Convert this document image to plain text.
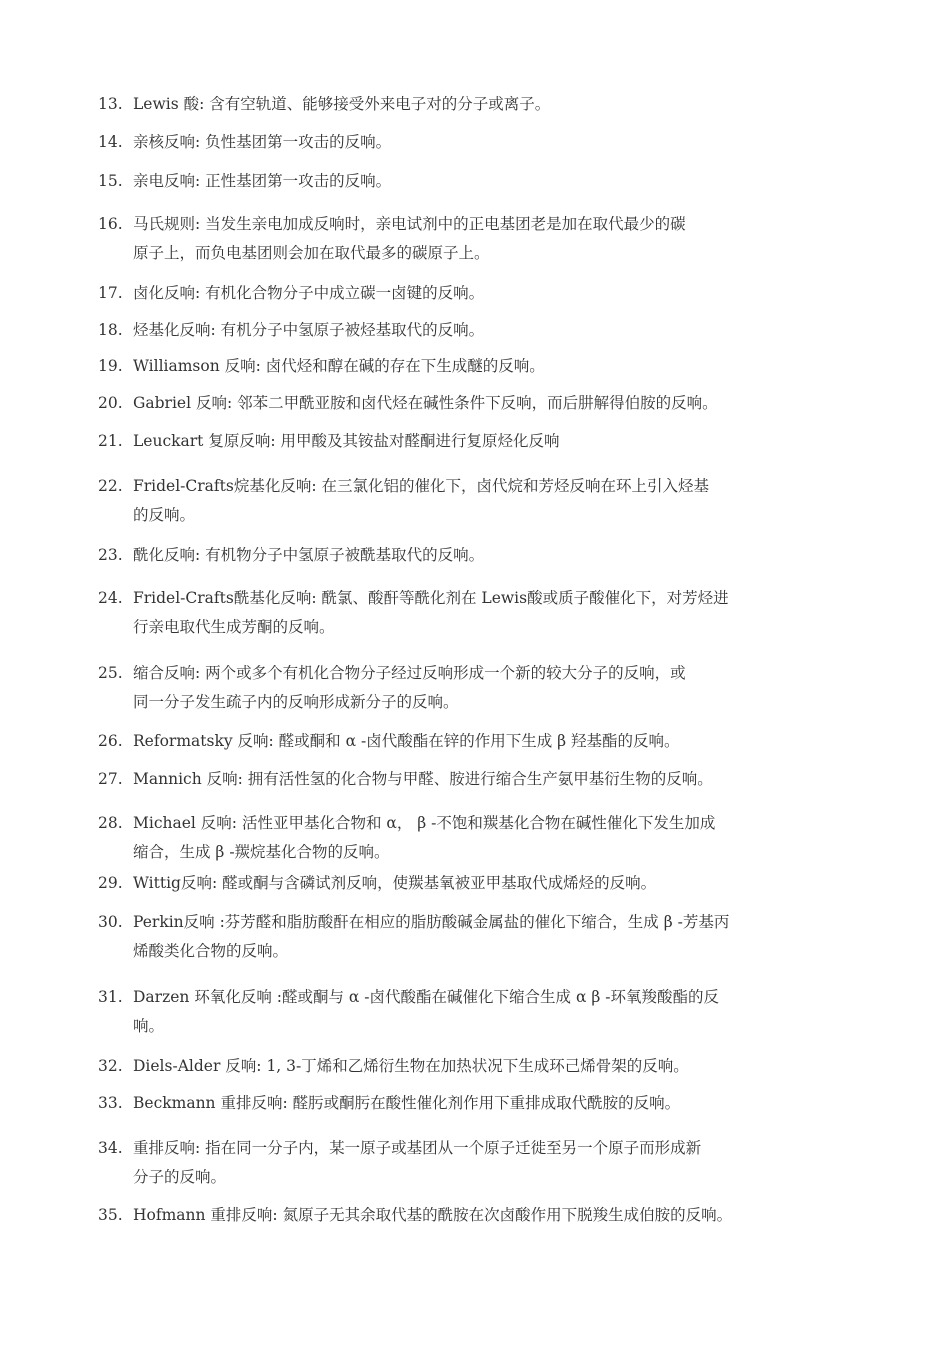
13. Lewis 酸: 含有空轨道、能够接受外来电子对的分子或离子。
14. 亲核反响: 负性基团第一攻击的反响。
15. 亲电反响: 正性基团第一攻击的反响。
16. 马氏规则: 当发生亲电加成反响时，亲电试剂中的正电基团老是加在取代最少的碳
原子上，而负电基团则会加在取代最多的碳原子上。
17. 卤化反响: 有机化合物分子中成立碳一卤键的反响。
18. 烃基化反响: 有机分子中氢原子被烃基取代的反响。
19. Williamson 反响: 卤代烃和醇在碱的存在下生成醚的反响。
20. Gabriel 反响: 邻苯二甲酰亚胺和卤代烃在碱性条件下反响，而后肼解得伯胺的反响。
21. Leuckart 复原反响: 用甲酸及其铵盐对醛酮进行复原烃化反响
22. Fridel-Crafts烷基化反响: 在三氯化铝的催化下，卤代烷和芳烃反响在环上引入烃基
的反响。
23. 酰化反响: 有机物分子中氢原子被酰基取代的反响。
24. Fridel-Crafts酰基化反响: 酰氯、酸酐等酰化剂在 Lewis酸或质子酸催化下，对芳烃进
行亲电取代生成芳酮的反响。
25. 缩合反响: 两个或多个有机化合物分子经过反响形成一个新的较大分子的反响，或
同一分子发生疏子内的反响形成新分子的反响。
26. Reformatsky 反响: 醛或酮和 α -卤代酸酯在锌的作用下生成 β 羟基酯的反响。
27. Mannich 反响: 拥有活性氢的化合物与甲醛、胺进行缩合生产氨甲基衍生物的反响。
28. Michael 反响: 活性亚甲基化合物和 α， β -不饱和羰基化合物在碱性催化下发生加成
缩合，生成 β -羰烷基化合物的反响。
29. Wittig反响: 醛或酮与含磷试剂反响，使羰基氧被亚甲基取代成烯烃的反响。
30. Perkin反响 :芬芳醛和脂肪酸酐在相应的脂肪酸碱金属盐的催化下缩合，生成 β -芳基丙
烯酸类化合物的反响。
31. Darzen 环氧化反响 :醛或酮与 α -卤代酸酯在碱催化下缩合生成 α β -环氧羧酸酯的反
响。
32. Diels-Alder 反响: 1, 3-丁烯和乙烯衍生物在加热状况下生成环己烯骨架的反响。
33. Beckmann 重排反响: 醛肟或酮肟在酸性催化剂作用下重排成取代酰胺的反响。
34. 重排反响: 指在同一分子内，某一原子或基团从一个原子迁徙至另一个原子而形成新
分子的反响。
35. Hofmann 重排反响: 氮原子无其余取代基的酰胺在次卤酸作用下脱羧生成伯胺的反响。
